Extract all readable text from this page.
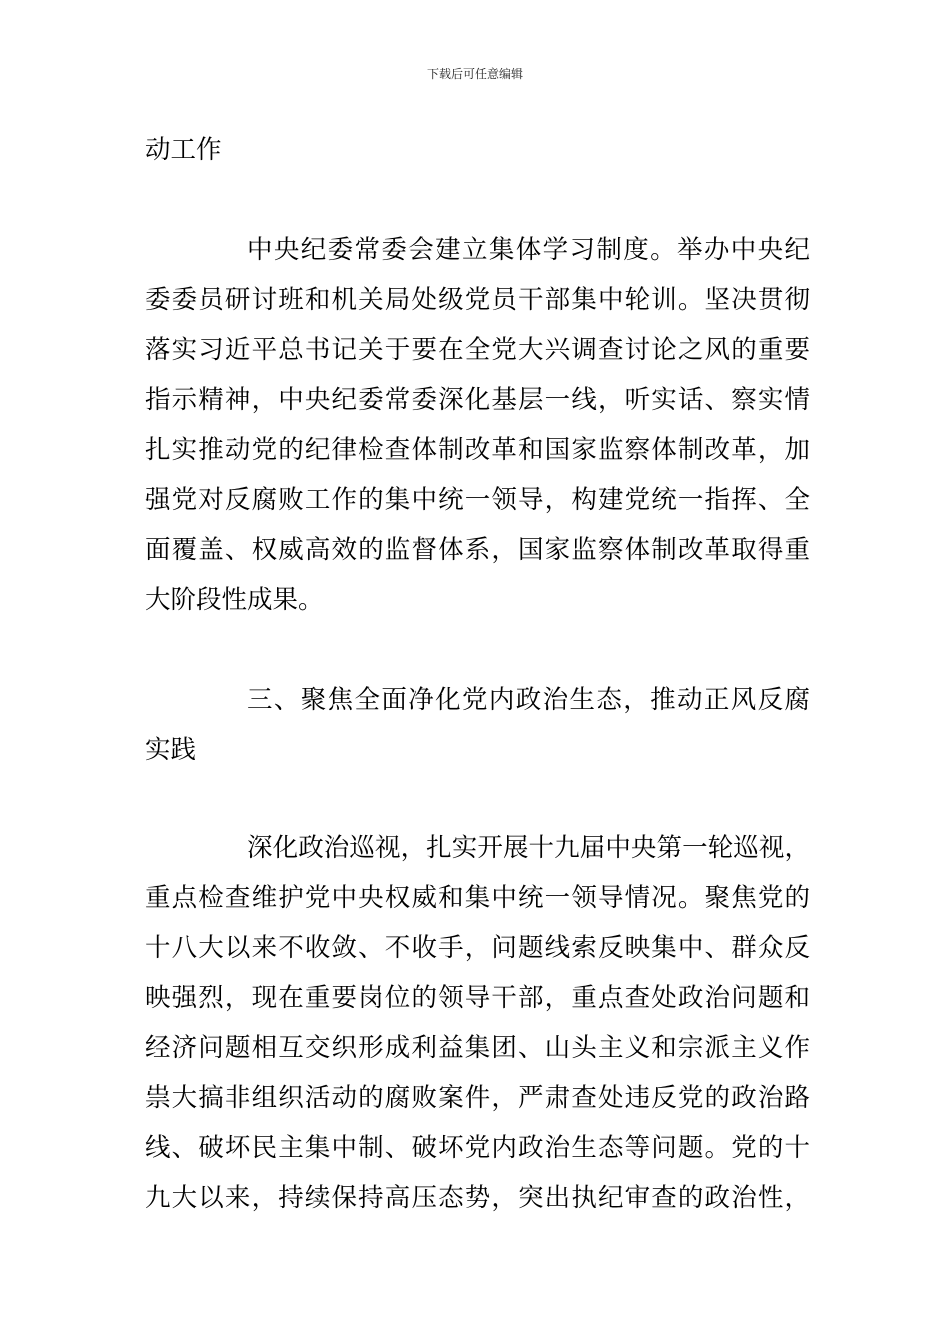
下载后可任意编辑
动工作
中央纪委常委会建立集体学习制度。举办中央纪
委委员研讨班和机关局处级党员干部集中轮训。坚决贯彻
落实习近平总书记关于要在全党大兴调查讨论之风的重要
指示精神，中央纪委常委深化基层一线，听实话、察实情
扎实推动党的纪律检查体制改革和国家监察体制改革，加
强党对反腐败工作的集中统一领导，构建党统一指挥、全
面覆盖、权威高效的监督体系，国家监察体制改革取得重
大阶段性成果。
三、聚焦全面净化党内政治生态，推动正风反腐
实践
深化政治巡视，扎实开展十九届中央第一轮巡视，
重点检查维护党中央权威和集中统一领导情况。聚焦党的
十八大以来不收敛、不收手，问题线索反映集中、群众反
映强烈，现在重要岗位的领导干部，重点查处政治问题和
经济问题相互交织形成利益集团、山头主义和宗派主义作
祟大搞非组织活动的腐败案件，严肃查处违反党的政治路
线、破坏民主集中制、破坏党内政治生态等问题。党的十
九大以来，持续保持高压态势，突出执纪审查的政治性，
